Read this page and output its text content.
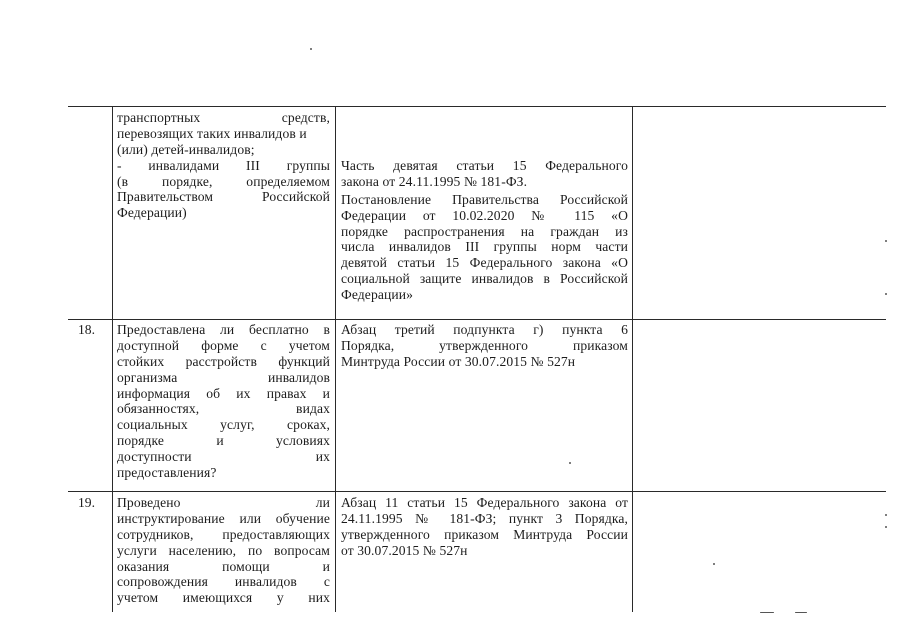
транспортных средств,
перевозящих таких инвалидов и
(или) детей-инвалидов;
- инвалидами III группы
(в порядке, определяемом
Правительством Российской
Федерации)
Часть девятая статьи 15 Федерального
закона от 24.11.1995 № 181-ФЗ.
Постановление Правительства Российской
Федерации от 10.02.2020 № 115 «О
порядке распространения на граждан из
числа инвалидов III группы норм части
девятой статьи 15 Федерального закона «О
социальной защите инвалидов в Российской
Федерации»
18. Предоставлена ли бесплатно в
доступной форме с учетом
стойких расстройств функций
организма инвалидов
информация об их правах и
обязанностях, видах
социальных услуг, сроках,
порядке и условиях
доступности их
предоставления?
Абзац третий подпункта г) пункта 6
Порядка, утвержденного приказом
Минтруда России от 30.07.2015 № 527н
19. Проведено ли
инструктирование или обучение
сотрудников, предоставляющих
услуги населению, по вопросам
оказания помощи и
сопровождения инвалидов с
учетом имеющихся у них
Абзац 11 статьи 15 Федерального закона от
24.11.1995 № 181-ФЗ; пункт 3 Порядка,
утвержденного приказом Минтруда России
от 30.07.2015 № 527н
